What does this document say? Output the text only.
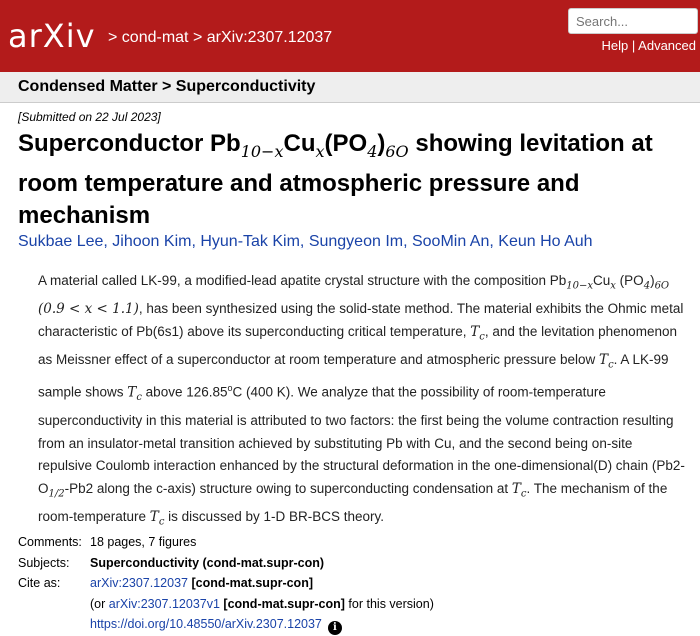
arXiv > cond-mat > arXiv:2307.12037
Search...	Help | Advanced
Condensed Matter > Superconductivity
[Submitted on 22 Jul 2023]
Superconductor $Pb_{10-x}Cu_x(PO_4)_{6O}$ showing levitation at room temperature and atmospheric pressure and mechanism
Sukbae Lee, Jihoon Kim, Hyun-Tak Kim, Sungyeon Im, SooMin An, Keun Ho Auh
A material called LK-99, a modified-lead apatite crystal structure with the composition $Pb_{10-x}Cu_x$ $(PO_4)_{6O}$ (0.9 < x < 1.1), has been synthesized using the solid-state method. The material exhibits the Ohmic metal characteristic of Pb(6s1) above its superconducting critical temperature, $T_c$, and the levitation phenomenon as Meissner effect of a superconductor at room temperature and atmospheric pressure below $T_c$. A LK-99 sample shows $T_c$ above 126.85$^o$C (400 K). We analyze that the possibility of room-temperature superconductivity in this material is attributed to two factors: the first being the volume contraction resulting from an insulator-metal transition achieved by substituting Pb with Cu, and the second being on-site repulsive Coulomb interaction enhanced by the structural deformation in the one-dimensional(D) chain ($Pb2-O_{1/2}-Pb2$ along the c-axis) structure owing to superconducting condensation at $T_c$. The mechanism of the room-temperature $T_c$ is discussed by 1-D BR-BCS theory.
Comments: 18 pages, 7 figures
Subjects:	Superconductivity (cond-mat.supr-con)
Cite as:	arXiv:2307.12037 [cond-mat.supr-con]
(or arXiv:2307.12037v1 [cond-mat.supr-con] for this version)
https://doi.org/10.48550/arXiv.2307.12037 i
